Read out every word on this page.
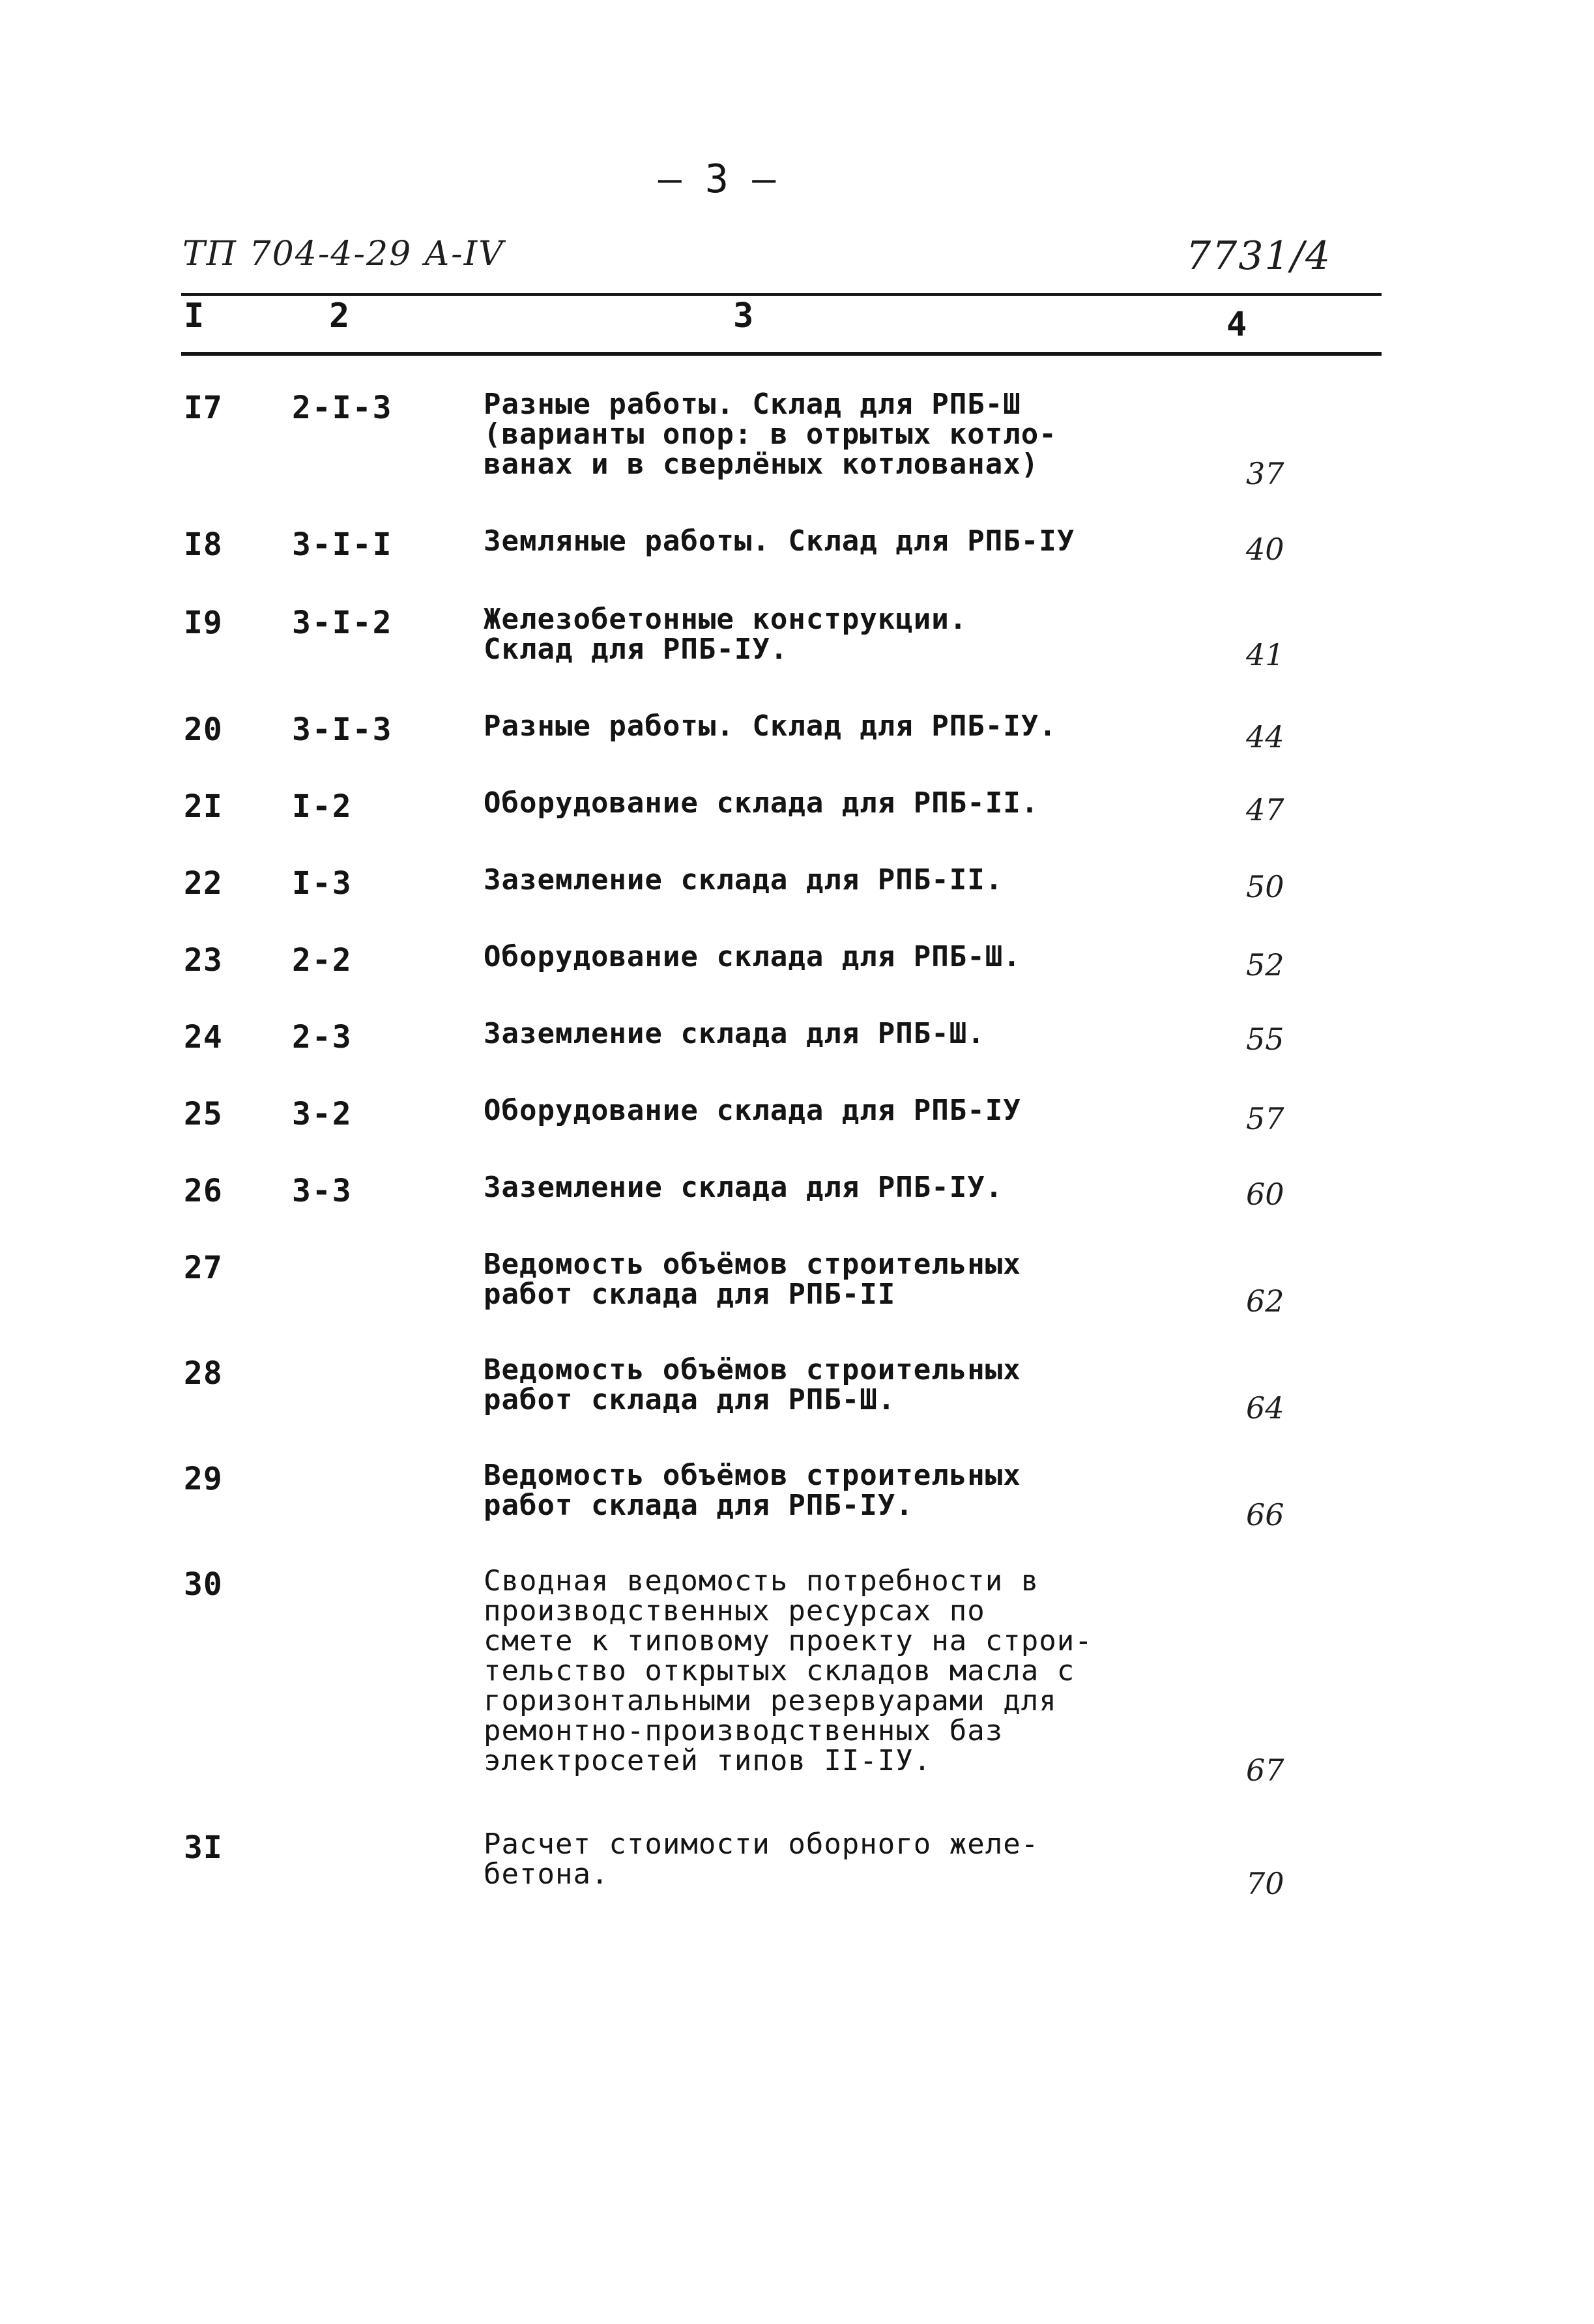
— 3 —
ТП 704-4-29 А-IV	7731/4
I	2	3	4
I7 2-I-3	Разные работы. Склад для РПБ-Ш
(варианты опор: в отрытых котло-
ванах и в сверлёных котлованах)	37
I8 3-I-I	Земляные работы. Склад для РПБ-IУ	40
I9 3-I-2	Железобетонные конструкции.
Склад для РПБ-IУ.	41
20 3-I-3	Разные работы. Склад для РПБ-IУ.	44
2I I-2	Оборудование склада для РПБ-II.	47
22 I-3	Заземление склада для РПБ-II.	50
23 2-2	Оборудование склада для РПБ-Ш.	52
24 2-3	Заземление склада для РПБ-Ш.	55
25 3-2	Оборудование склада для РПБ-IУ	57
26 3-3	Заземление склада для РПБ-IУ.	60
27	Ведомость объёмов строительных
работ склада для РПБ-II	62
28	Ведомость объёмов строительных
работ склада для РПБ-Ш.	64
29	Ведомость объёмов строительных
работ склада для РПБ-IУ.	66
30	Сводная ведомость потребности в
производственных ресурсах по
смете к типовому проекту на строи-
тельство открытых складов масла с
горизонтальными резервуарами для
ремонтно-производственных баз
электросетей типов II-IУ.	67
3I	Расчет стоимости оборного желе-
бетона.	70
